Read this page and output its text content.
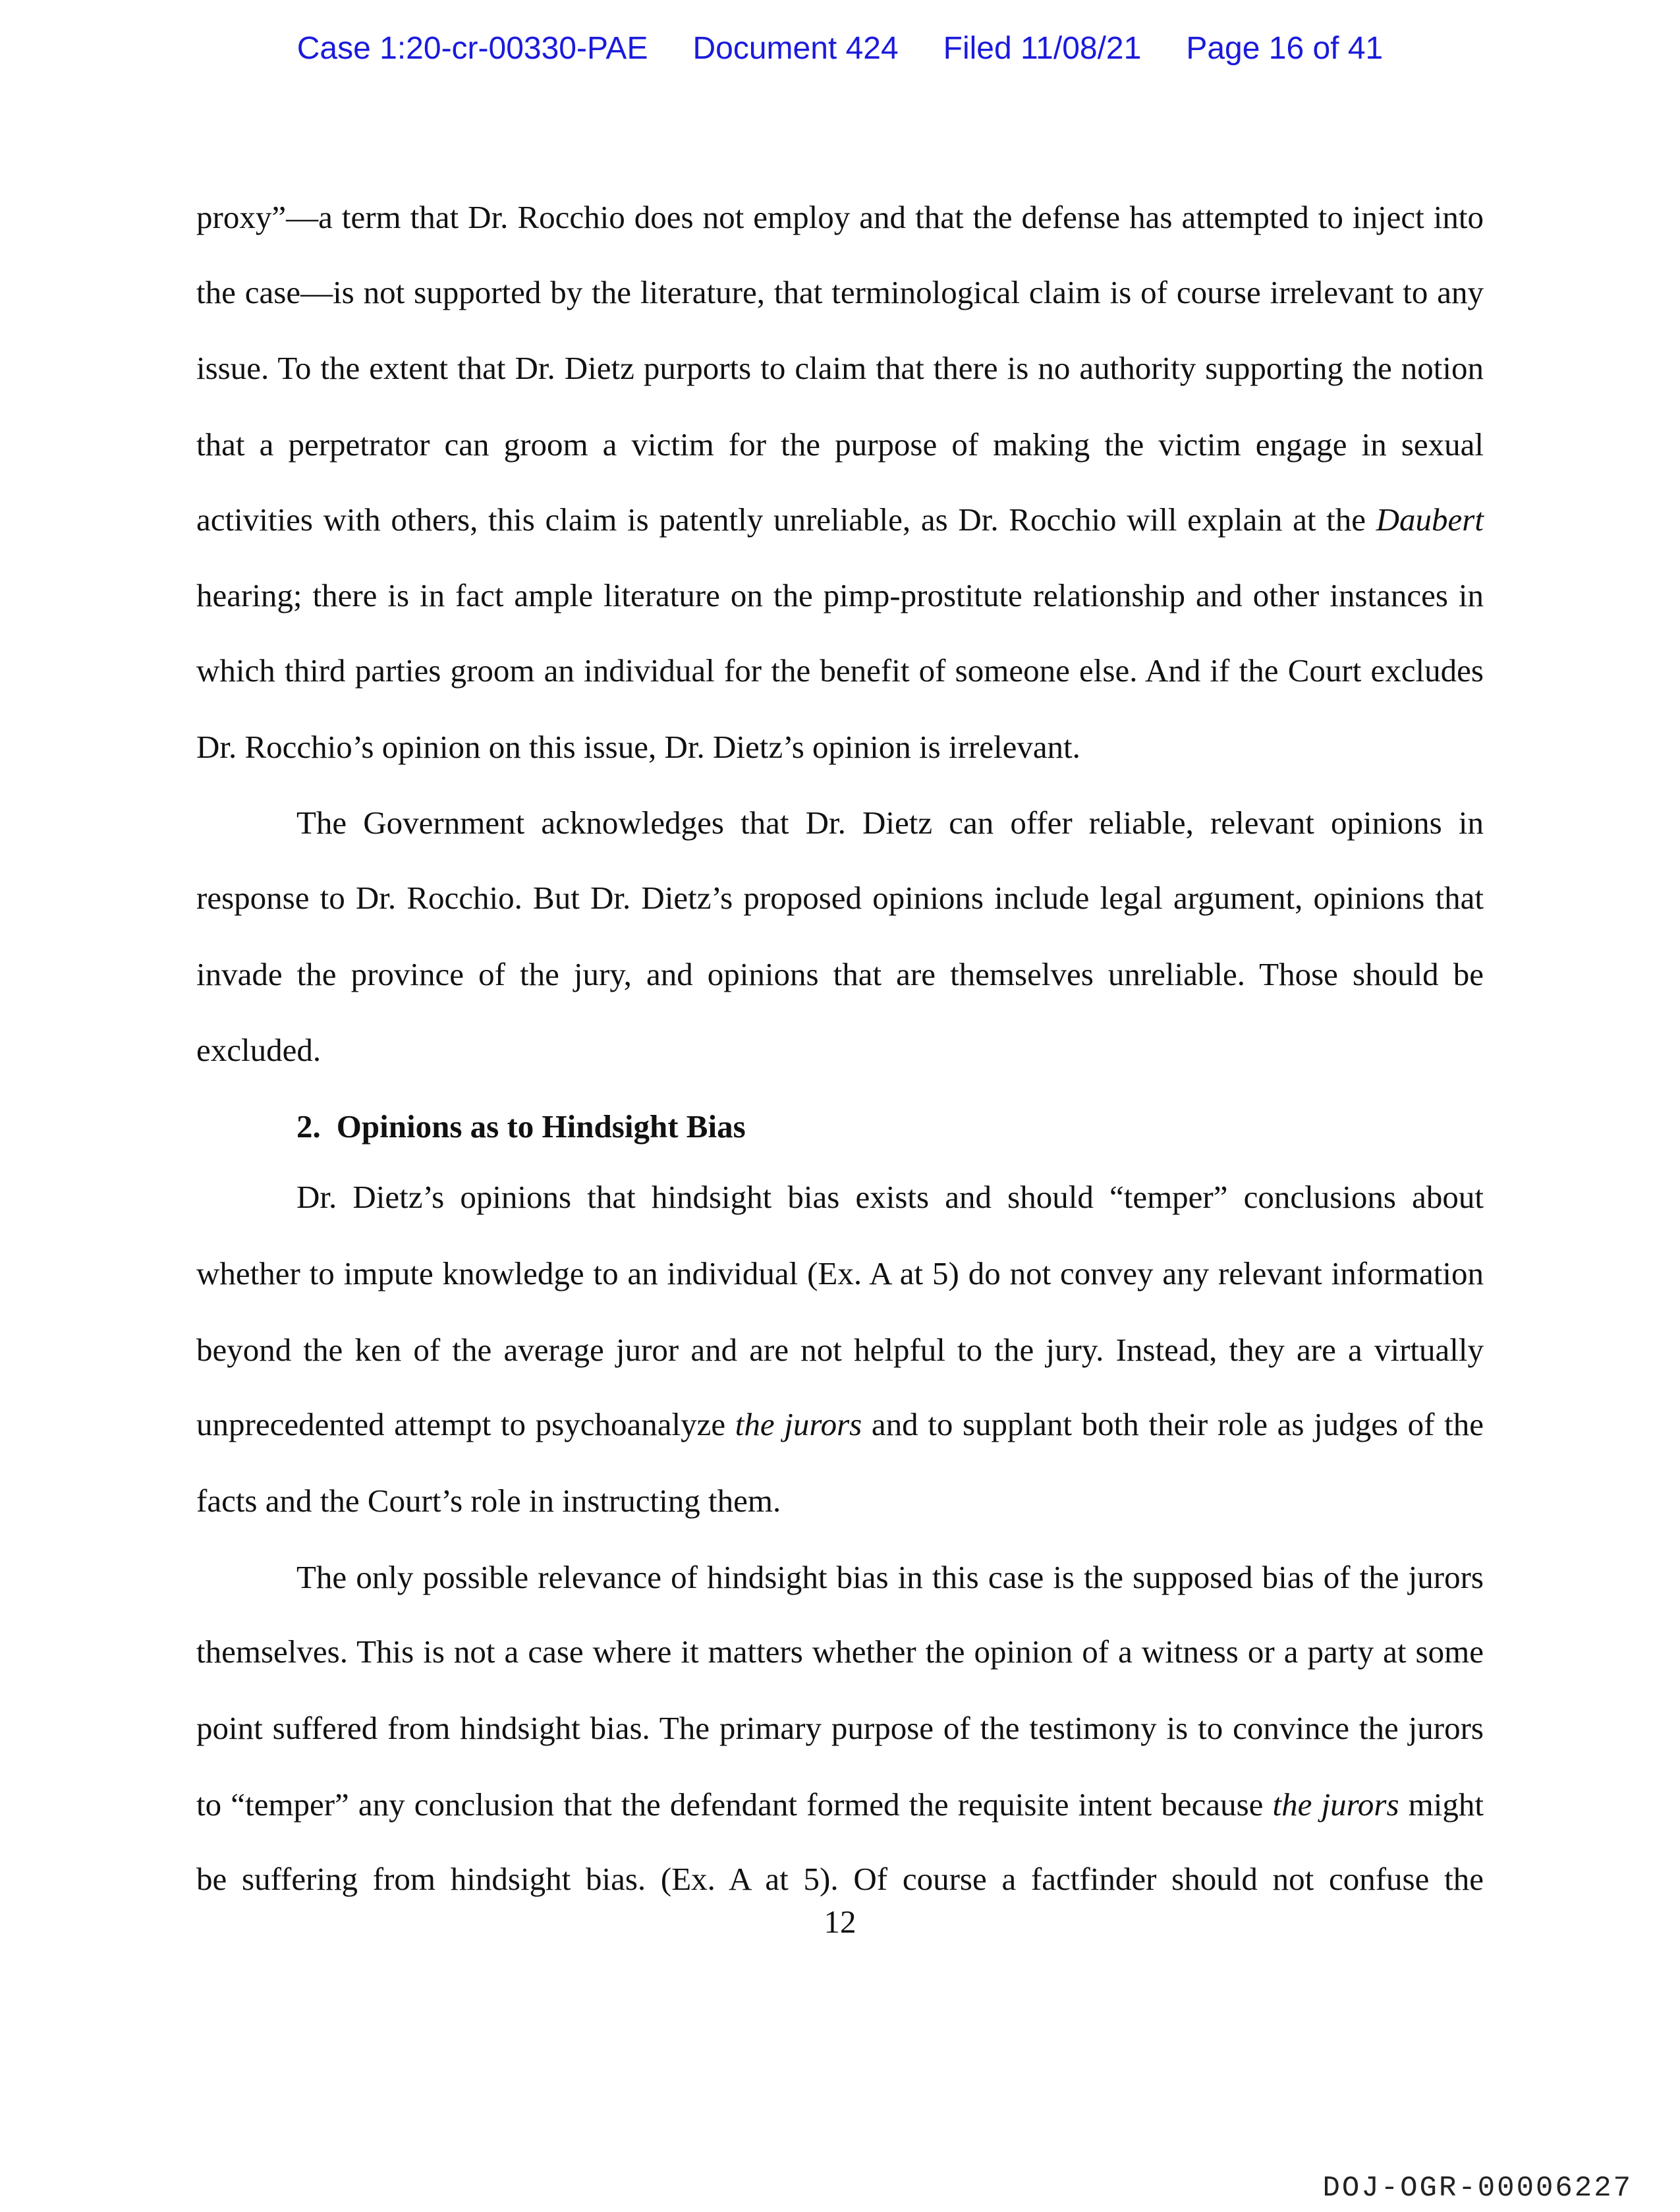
Case 1:20-cr-00330-PAE Document 424 Filed 11/08/21 Page 16 of 41
proxy”—a term that Dr. Rocchio does not employ and that the defense has attempted to inject into
the case—is not supported by the literature, that terminological claim is of course irrelevant to any
issue. To the extent that Dr. Dietz purports to claim that there is no authority supporting the notion
that a perpetrator can groom a victim for the purpose of making the victim engage in sexual
activities with others, this claim is patently unreliable, as Dr. Rocchio will explain at the Daubert
hearing; there is in fact ample literature on the pimp-prostitute relationship and other instances in
which third parties groom an individual for the benefit of someone else. And if the Court excludes
Dr. Rocchio’s opinion on this issue, Dr. Dietz’s opinion is irrelevant.
The Government acknowledges that Dr. Dietz can offer reliable, relevant opinions in
response to Dr. Rocchio. But Dr. Dietz’s proposed opinions include legal argument, opinions that
invade the province of the jury, and opinions that are themselves unreliable. Those should be
excluded.
2. Opinions as to Hindsight Bias
Dr. Dietz’s opinions that hindsight bias exists and should “temper” conclusions about
whether to impute knowledge to an individual (Ex. A at 5) do not convey any relevant information
beyond the ken of the average juror and are not helpful to the jury. Instead, they are a virtually
unprecedented attempt to psychoanalyze the jurors and to supplant both their role as judges of the
facts and the Court’s role in instructing them.
The only possible relevance of hindsight bias in this case is the supposed bias of the jurors
themselves. This is not a case where it matters whether the opinion of a witness or a party at some
point suffered from hindsight bias. The primary purpose of the testimony is to convince the jurors
to “temper” any conclusion that the defendant formed the requisite intent because the jurors might
be suffering from hindsight bias. (Ex. A at 5). Of course a factfinder should not confuse the
12
DOJ-OGR-00006227
